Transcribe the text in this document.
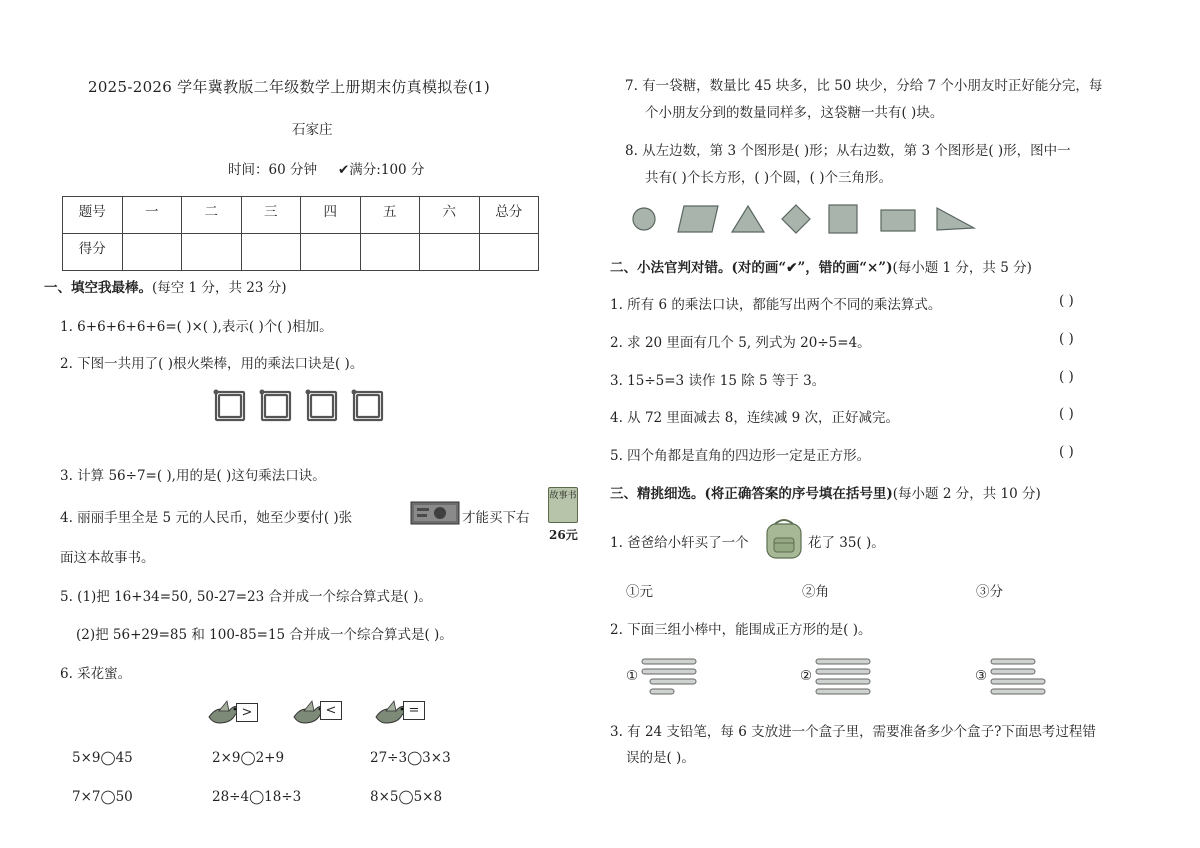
2025-2026 学年冀教版二年级数学上册期末仿真模拟卷(1)
石家庄
时间：60 分钟 ✔满分:100 分
题号	一	二	三	四	五	六	总分
得分							
一、填空我最棒。(每空 1 分，共 23 分)
1. 6+6+6+6+6=( )×( ),表示( )个( )相加。
2. 下图一共用了( )根火柴棒，用的乘法口诀是( )。
3. 计算 56÷7=( ),用的是( )这句乘法口诀。
4. 丽丽手里全是 5 元的人民币，她至少要付( )张	才能买下右
故事书
26元
面这本故事书。
5. (1)把 16+34=50, 50-27=23 合并成一个综合算式是( )。
(2)把 56+29=85 和 100-85=15 合并成一个综合算式是( )。
6. 采花蜜。
>	<	=
5×9◯45	2×9◯2+9	27÷3◯3×3
7×7◯50	28÷4◯18÷3	8×5◯5×8
7. 有一袋糖，数量比 45 块多，比 50 块少，分给 7 个小朋友时正好能分完，每
个小朋友分到的数量同样多，这袋糖一共有( )块。
8. 从左边数，第 3 个图形是( )形；从右边数，第 3 个图形是( )形，图中一
共有( )个长方形，( )个圆，( )个三角形。
二、小法官判对错。(对的画“✔”，错的画“×”)(每小题 1 分，共 5 分)
1. 所有 6 的乘法口诀，都能写出两个不同的乘法算式。	( )
2. 求 20 里面有几个 5, 列式为 20÷5=4。	( )
3. 15÷5=3 读作 15 除 5 等于 3。	( )
4. 从 72 里面减去 8，连续减 9 次，正好减完。	( )
5. 四个角都是直角的四边形一定是正方形。	( )
三、精挑细选。(将正确答案的序号填在括号里)(每小题 2 分，共 10 分)
1. 爸爸给小轩买了一个	花了 35( )。
①元	②角	③分
2. 下面三组小棒中，能围成正方形的是( )。
①	②	③
3. 有 24 支铅笔，每 6 支放进一个盒子里，需要准备多少个盒子?下面思考过程错
误的是( )。
